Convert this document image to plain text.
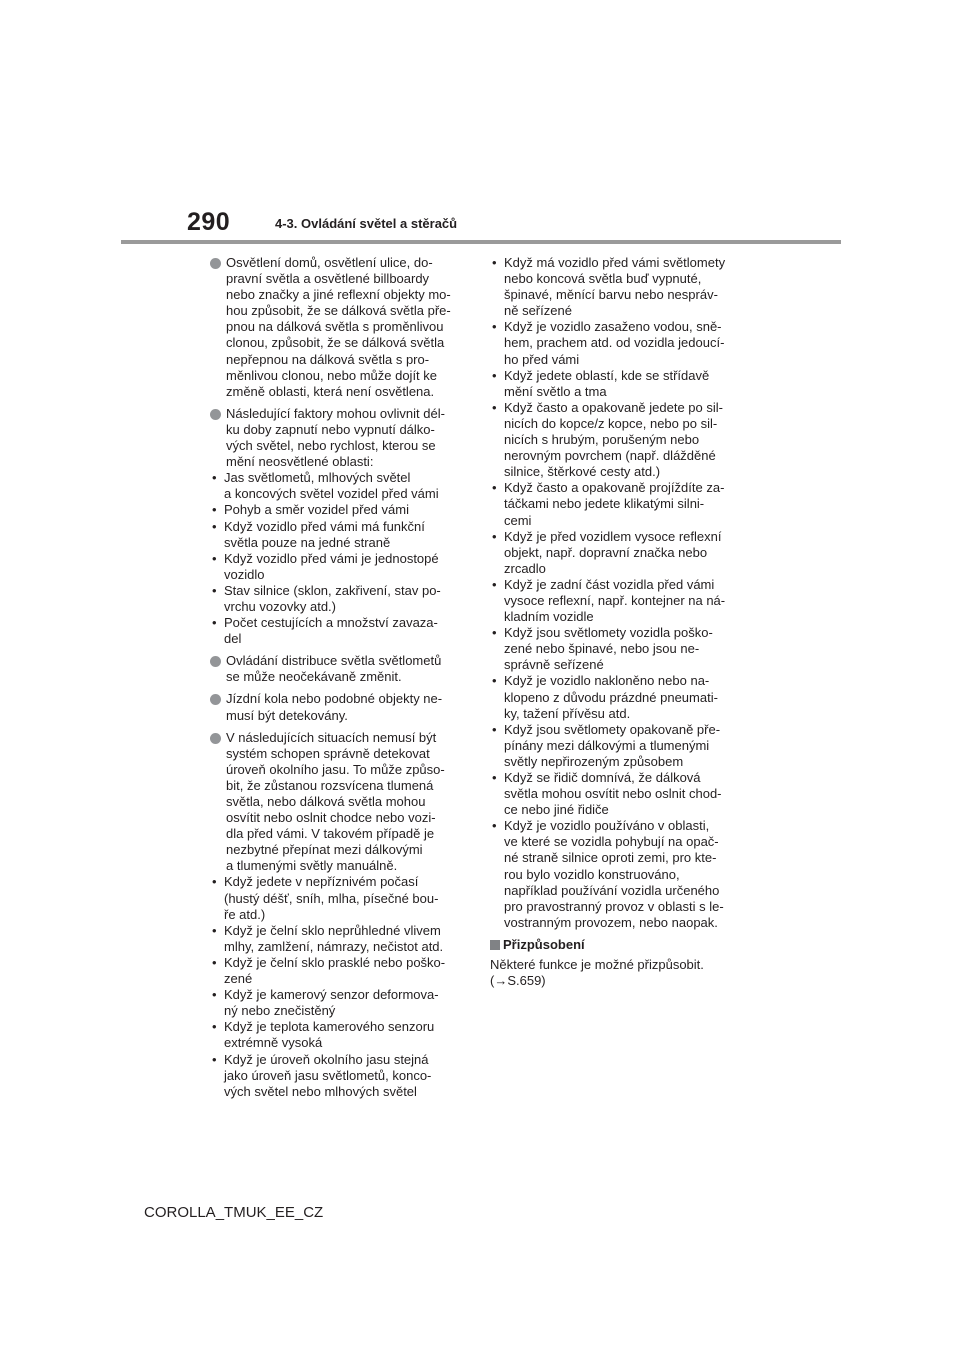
290	4-3. Ovládání světel a stěračů
Osvětlení domů, osvětlení ulice, do-
pravní světla a osvětlené billboardy
nebo značky a jiné reflexní objekty mo-
hou způsobit, že se dálková světla pře-
pnou na dálková světla s proměnlivou
clonou, způsobit, že se dálková světla
nepřepnou na dálková světla s pro-
měnlivou clonou, nebo může dojít ke
změně oblasti, která není osvětlena.
Následující faktory mohou ovlivnit dél-
ku doby zapnutí nebo vypnutí dálko-
vých světel, nebo rychlost, kterou se
mění neosvětlené oblasti:
• Jas světlometů, mlhových světel
a koncových světel vozidel před vámi
• Pohyb a směr vozidel před vámi
• Když vozidlo před vámi má funkční
světla pouze na jedné straně
• Když vozidlo před vámi je jednostopé
vozidlo
• Stav silnice (sklon, zakřivení, stav po-
vrchu vozovky atd.)
• Počet cestujících a množství zavaza-
del
Ovládání distribuce světla světlometů
se může neočekávaně změnit.
Jízdní kola nebo podobné objekty ne-
musí být detekovány.
V následujících situacích nemusí být
systém schopen správně detekovat
úroveň okolního jasu. To může způso-
bit, že zůstanou rozsvícena tlumená
světla, nebo dálková světla mohou
osvítit nebo oslnit chodce nebo vozi-
dla před vámi. V takovém případě je
nezbytné přepínat mezi dálkovými
a tlumenými světly manuálně.
• Když jedete v nepříznivém počasí
(hustý déšť, sníh, mlha, písečné bou-
ře atd.)
• Když je čelní sklo neprůhledné vlivem
mlhy, zamlžení, námrazy, nečistot atd.
• Když je čelní sklo prasklé nebo poško-
zené
• Když je kamerový senzor deformova-
ný nebo znečistěný
• Když je teplota kamerového senzoru
extrémně vysoká
• Když je úroveň okolního jasu stejná
jako úroveň jasu světlometů, konco-
vých světel nebo mlhových světel
• Když má vozidlo před vámi světlomety
nebo koncová světla buď vypnuté,
špinavé, měnící barvu nebo nespráv-
ně seřízené
• Když je vozidlo zasaženo vodou, sně-
hem, prachem atd. od vozidla jedoucí-
ho před vámi
• Když jedete oblastí, kde se střídavě
mění světlo a tma
• Když často a opakovaně jedete po sil-
nicích do kopce/z kopce, nebo po sil-
nicích s hrubým, porušeným nebo
nerovným povrchem (např. dlážděné
silnice, štěrkové cesty atd.)
• Když často a opakovaně projíždíte za-
táčkami nebo jedete klikatými silni-
cemi
• Když je před vozidlem vysoce reflexní
objekt, např. dopravní značka nebo
zrcadlo
• Když je zadní část vozidla před vámi
vysoce reflexní, např. kontejner na ná-
kladním vozidle
• Když jsou světlomety vozidla poško-
zené nebo špinavé, nebo jsou ne-
správně seřízené
• Když je vozidlo nakloněno nebo na-
klopeno z důvodu prázdné pneumati-
ky, tažení přívěsu atd.
• Když jsou světlomety opakovaně pře-
pínány mezi dálkovými a tlumenými
světly nepřirozeným způsobem
• Když se řidič domnívá, že dálková
světla mohou osvítit nebo oslnit chod-
ce nebo jiné řidiče
• Když je vozidlo používáno v oblasti,
ve které se vozidla pohybují na opač-
né straně silnice oproti zemi, pro kte-
rou bylo vozidlo konstruováno,
například používání vozidla určeného
pro pravostranný provoz v oblasti s le-
vostranným provozem, nebo naopak.
Přizpůsobení
Některé funkce je možné přizpůsobit.
(→S.659)
COROLLA_TMUK_EE_CZ
